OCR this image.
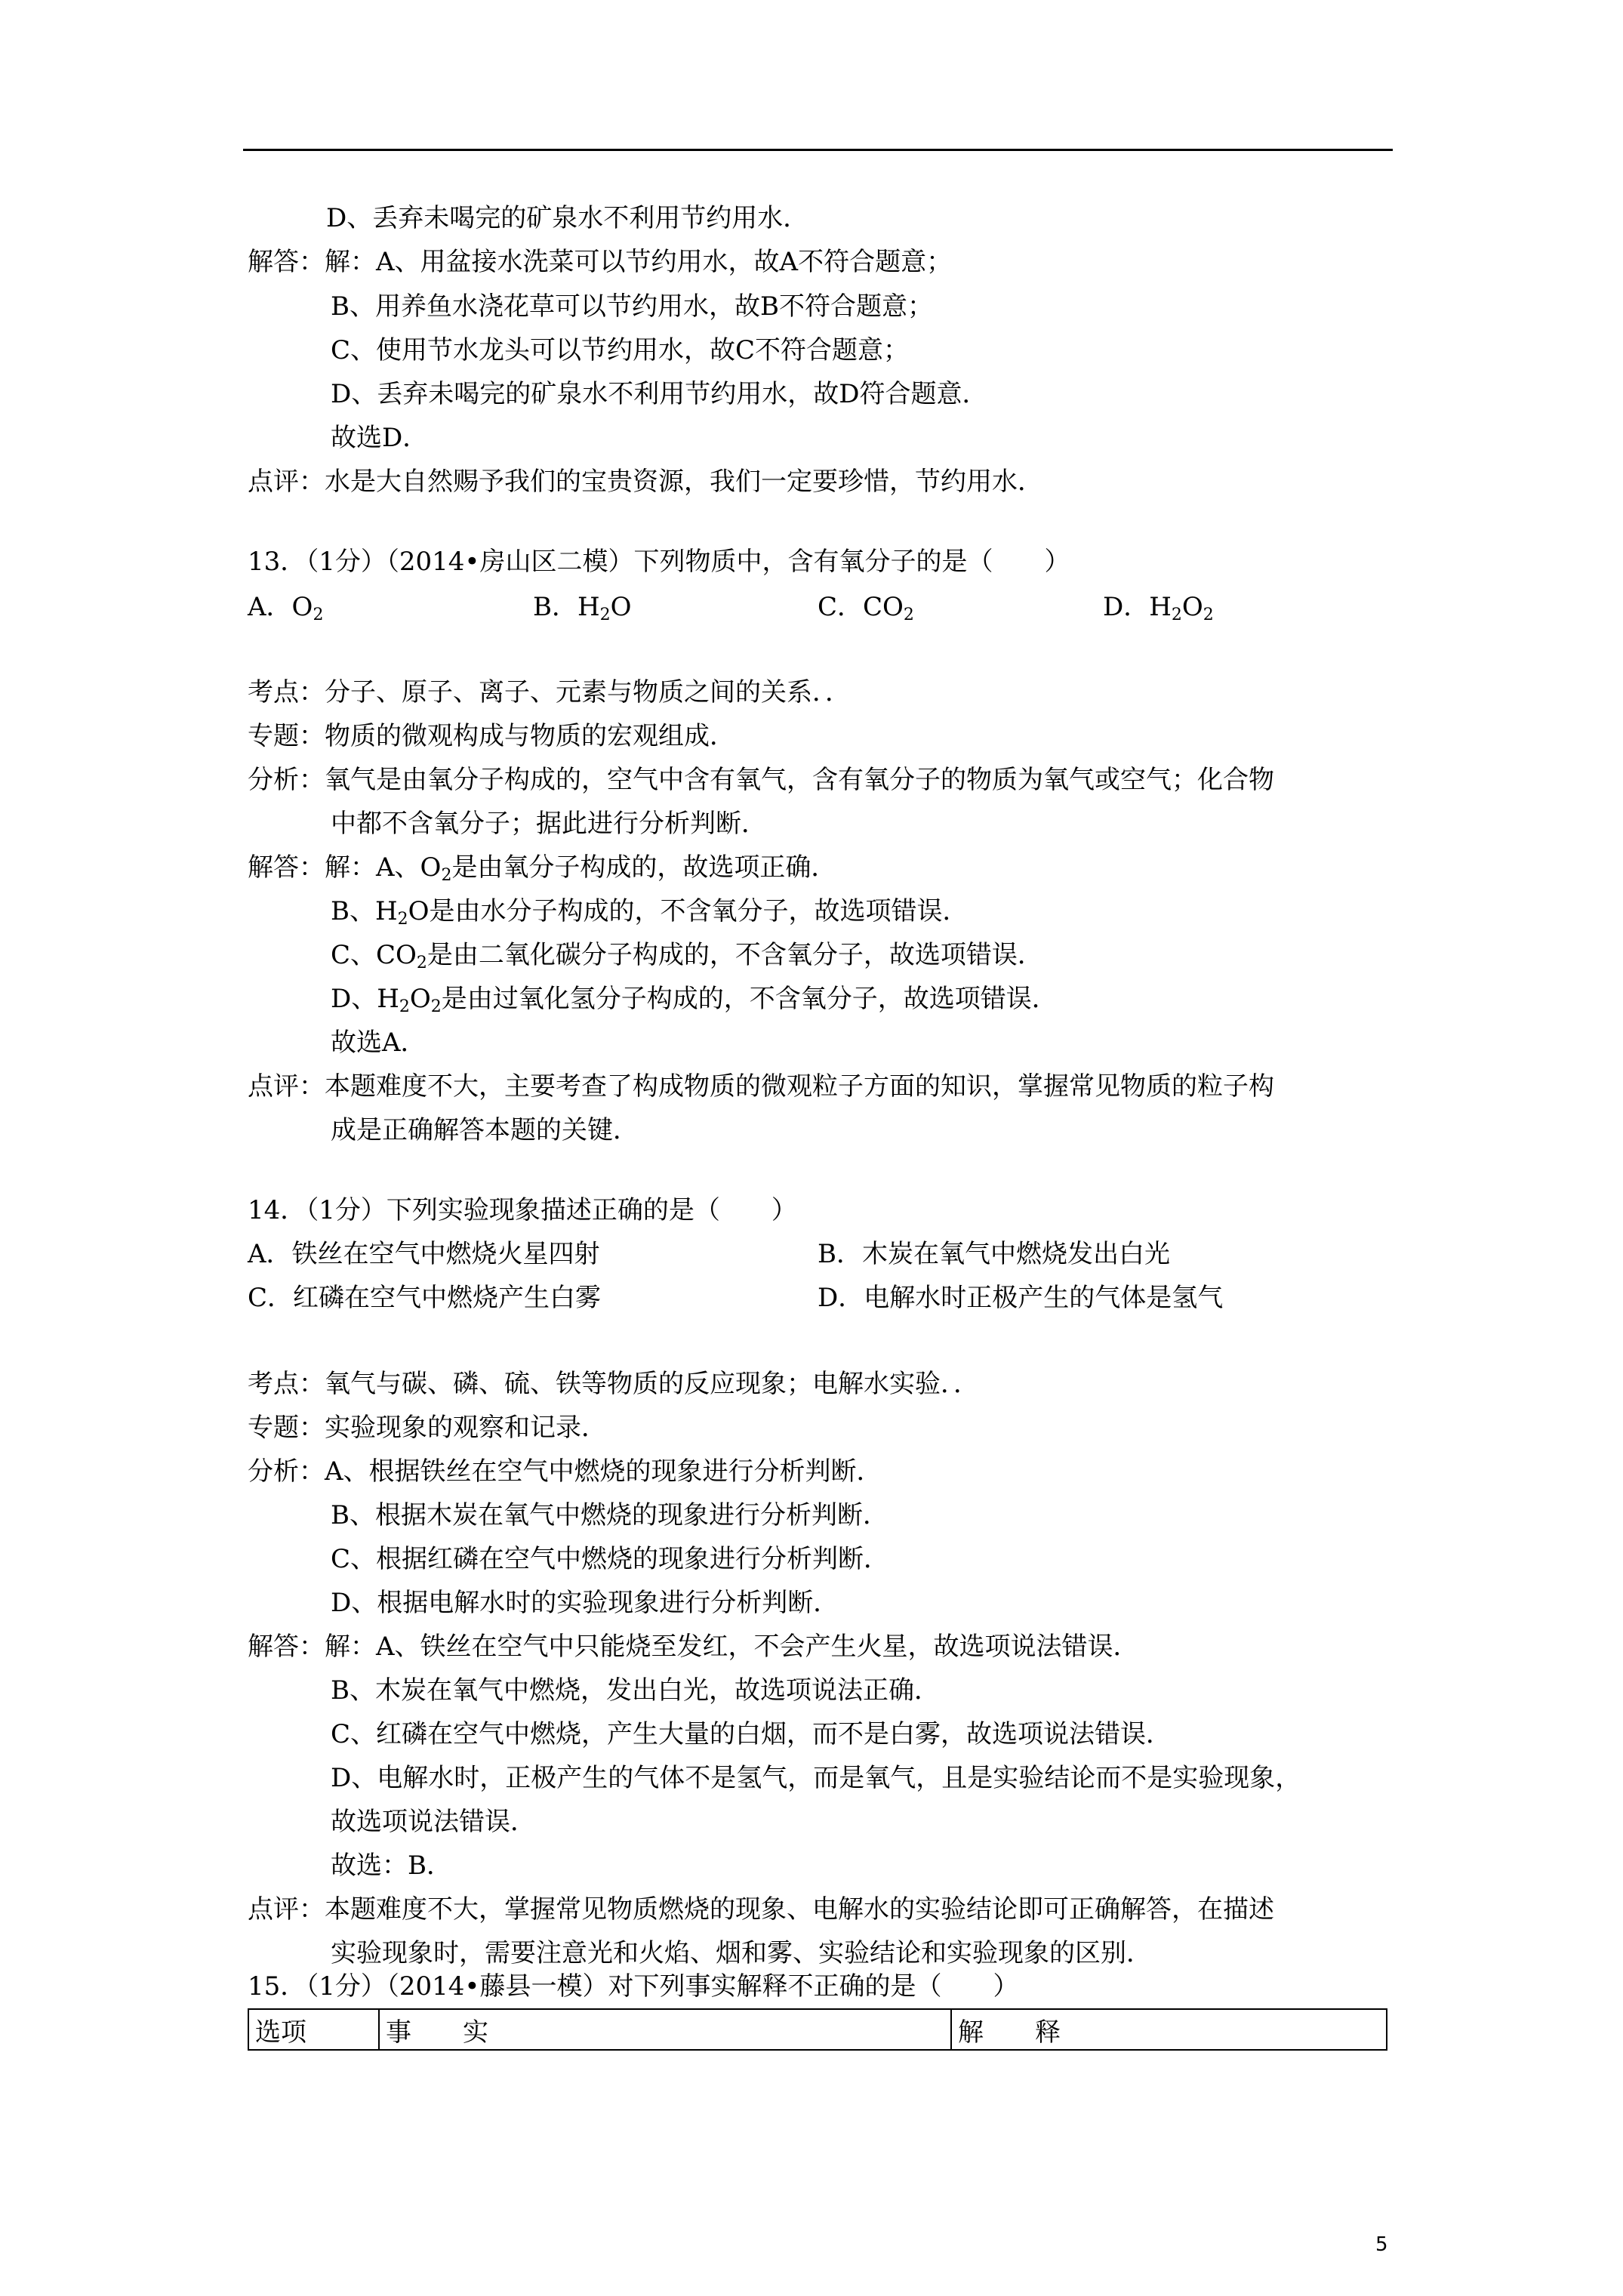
D、丢弃未喝完的矿泉水不利用节约用水．
解答：解：A、用盆接水洗菜可以节约用水，故A不符合题意；
B、用养鱼水浇花草可以节约用水，故B不符合题意；
C、使用节水龙头可以节约用水，故C不符合题意；
D、丢弃未喝完的矿泉水不利用节约用水，故D符合题意．
故选D．
点评：水是大自然赐予我们的宝贵资源，我们一定要珍惜，节约用水．
13．（1分）（2014•房山区二模）下列物质中，含有氧分子的是（　　）
A．$O_2$	B．$H_2O$	C．$CO_2$	D．$H_2O_2$
考点：分子、原子、离子、元素与物质之间的关系．．
专题：物质的微观构成与物质的宏观组成．
分析：氧气是由氧分子构成的，空气中含有氧气，含有氧分子的物质为氧气或空气；化合物
中都不含氧分子；据此进行分析判断．
解答：解：A、$O_2$是由氧分子构成的，故选项正确．
B、$H_2O$是由水分子构成的，不含氧分子，故选项错误．
C、$CO_2$是由二氧化碳分子构成的，不含氧分子，故选项错误．
D、$H_2O_2$是由过氧化氢分子构成的，不含氧分子，故选项错误．
故选A．
点评：本题难度不大，主要考查了构成物质的微观粒子方面的知识，掌握常见物质的粒子构
成是正确解答本题的关键．
14．（1分）下列实验现象描述正确的是（　　）
A．铁丝在空气中燃烧火星四射	B．木炭在氧气中燃烧发出白光
C．红磷在空气中燃烧产生白雾	D．电解水时正极产生的气体是氢气
考点：氧气与碳、磷、硫、铁等物质的反应现象；电解水实验．．
专题：实验现象的观察和记录．
分析：A、根据铁丝在空气中燃烧的现象进行分析判断．
B、根据木炭在氧气中燃烧的现象进行分析判断．
C、根据红磷在空气中燃烧的现象进行分析判断．
D、根据电解水时的实验现象进行分析判断．
解答：解：A、铁丝在空气中只能烧至发红，不会产生火星，故选项说法错误．
B、木炭在氧气中燃烧，发出白光，故选项说法正确．
C、红磷在空气中燃烧，产生大量的白烟，而不是白雾，故选项说法错误．
D、电解水时，正极产生的气体不是氢气，而是氧气，且是实验结论而不是实验现象，
故选项说法错误．
故选：B．
点评：本题难度不大，掌握常见物质燃烧的现象、电解水的实验结论即可正确解答，在描述
实验现象时，需要注意光和火焰、烟和雾、实验结论和实验现象的区别．
15．（1分）（2014•藤县一模）对下列事实解释不正确的是（　　）
选项	事　　实	解　　释
5
